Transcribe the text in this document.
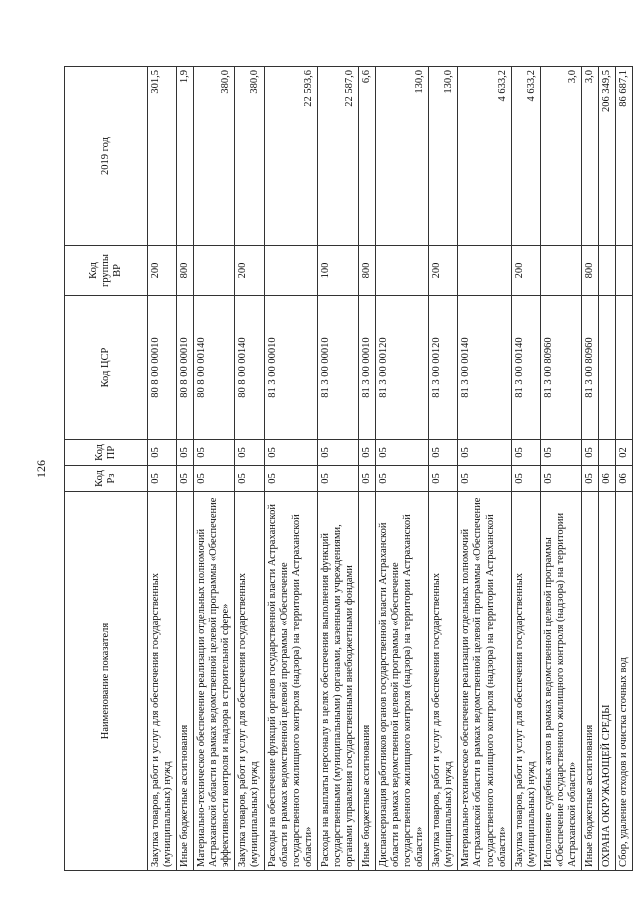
126
Наименование показателя	Код Рз	Код ПР	Код ЦСР	Код группы ВР	2019 год
Закупка товаров, работ и услуг для обеспечения государственных (муниципальных) нужд	05	05	80 8 00 00010	200	301,5
Иные бюджетные ассигнования	05	05	80 8 00 00010	800	1,9
Материально-техническое обеспечение реализации отдельных полномочий Астраханской области в рамках ведомственной целевой программы «Обеспечение эффективности контроля и надзора в строительной сфере»	05	05	80 8 00 00140		380,0
Закупка товаров, работ и услуг для обеспечения государственных (муниципальных) нужд	05	05	80 8 00 00140	200	380,0
Расходы на обеспечение функций органов государственной власти Астраханской области в рамках ведомственной целевой программы «Обеспечение государственного жилищного контроля (надзора) на территории Астраханской области»	05	05	81 3 00 00010		22 593,6
Расходы на выплаты персоналу в целях обеспечения выполнения функций государственными (муниципальными) органами, казенными учреждениями, органами управления государственными внебюджетными фондами	05	05	81 3 00 00010	100	22 587,0
Иные бюджетные ассигнования	05	05	81 3 00 00010	800	6,6
Диспансеризация работников органов государственной власти Астраханской области в рамках ведомственной целевой программы «Обеспечение государственного жилищного контроля (надзора) на территории Астраханской области»	05	05	81 3 00 00120		130,0
Закупка товаров, работ и услуг для обеспечения государственных (муниципальных) нужд	05	05	81 3 00 00120	200	130,0
Материально-техническое обеспечение реализации отдельных полномочий Астраханской области в рамках ведомственной целевой программы «Обеспечение государственного жилищного контроля (надзора) на территории Астраханской области»	05	05	81 3 00 00140		4 633,2
Закупка товаров, работ и услуг для обеспечения государственных (муниципальных) нужд	05	05	81 3 00 00140	200	4 633,2
Исполнение судебных актов в рамках ведомственной целевой программы «Обеспечение государственного жилищного контроля (надзора) на территории Астраханской области»	05	05	81 3 00 80960		3,0
Иные бюджетные ассигнования	05	05	81 3 00 80960	800	3,0
ОХРАНА ОКРУЖАЮЩЕЙ СРЕДЫ	06				206 349,5
Сбор, удаление отходов и очистка сточных вод	06	02			86 687,1
